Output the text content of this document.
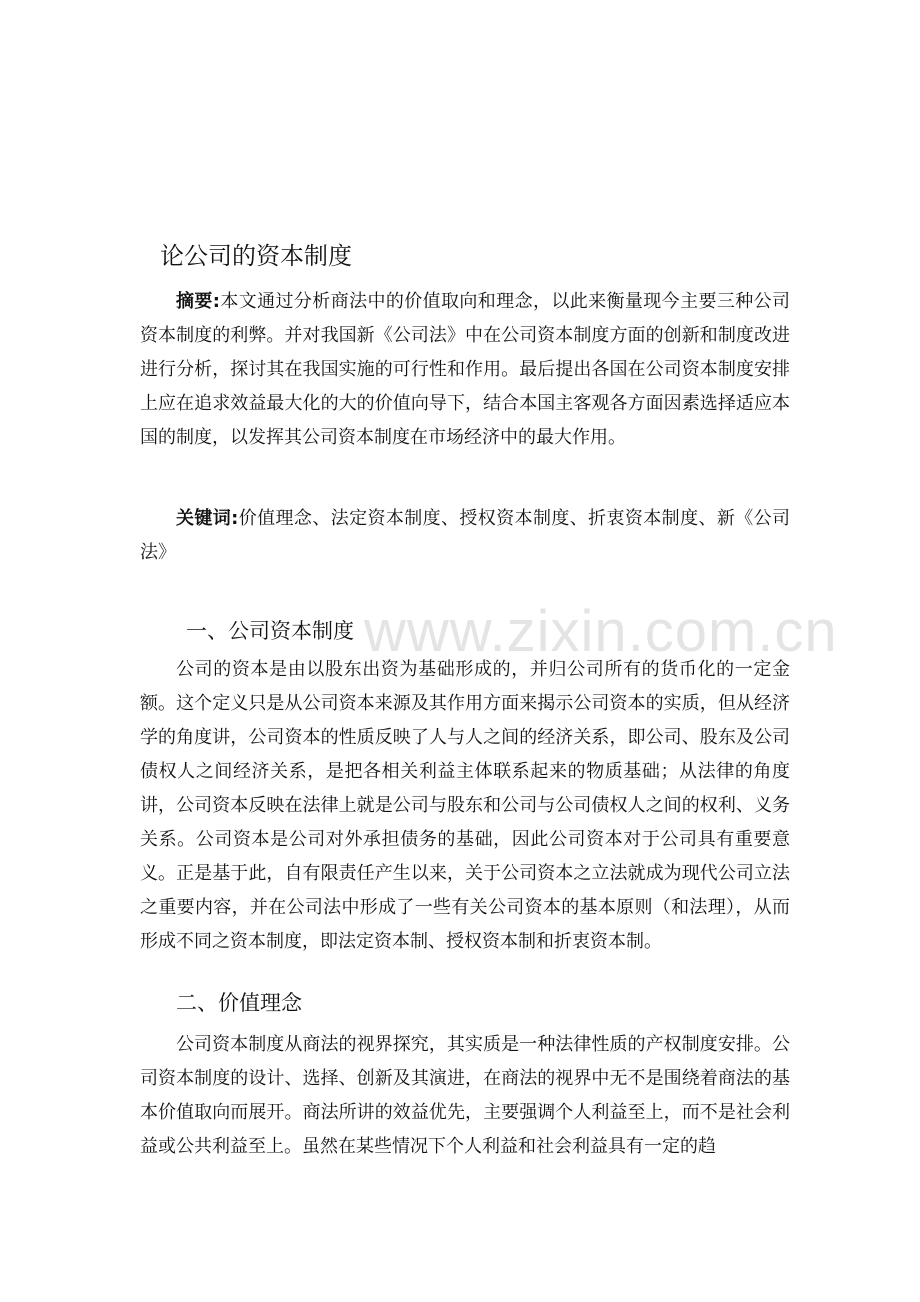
论公司的资本制度
摘要:本文通过分析商法中的价值取向和理念，以此来衡量现今主要三种公司资本制度的利弊。并对我国新《公司法》中在公司资本制度方面的创新和制度改进进行分析，探讨其在我国实施的可行性和作用。最后提出各国在公司资本制度安排上应在追求效益最大化的大的价值向导下，结合本国主客观各方面因素选择适应本国的制度，以发挥其公司资本制度在市场经济中的最大作用。
关键词:价值理念、法定资本制度、授权资本制度、折衷资本制度、新《公司法》
一、公司资本制度
公司的资本是由以股东出资为基础形成的，并归公司所有的货币化的一定金额。这个定义只是从公司资本来源及其作用方面来揭示公司资本的实质，但从经济学的角度讲，公司资本的性质反映了人与人之间的经济关系，即公司、股东及公司债权人之间经济关系，是把各相关利益主体联系起来的物质基础；从法律的角度讲，公司资本反映在法律上就是公司与股东和公司与公司债权人之间的权利、义务关系。公司资本是公司对外承担债务的基础，因此公司资本对于公司具有重要意义。正是基于此，自有限责任产生以来，关于公司资本之立法就成为现代公司立法之重要内容，并在公司法中形成了一些有关公司资本的基本原则（和法理），从而形成不同之资本制度，即法定资本制、授权资本制和折衷资本制。
二、价值理念
公司资本制度从商法的视界探究，其实质是一种法律性质的产权制度安排。公司资本制度的设计、选择、创新及其演进，在商法的视界中无不是围绕着商法的基本价值取向而展开。商法所讲的效益优先，主要强调个人利益至上，而不是社会利益或公共利益至上。虽然在某些情况下个人利益和社会利益具有一定的趋
www.zixin.com.cn
